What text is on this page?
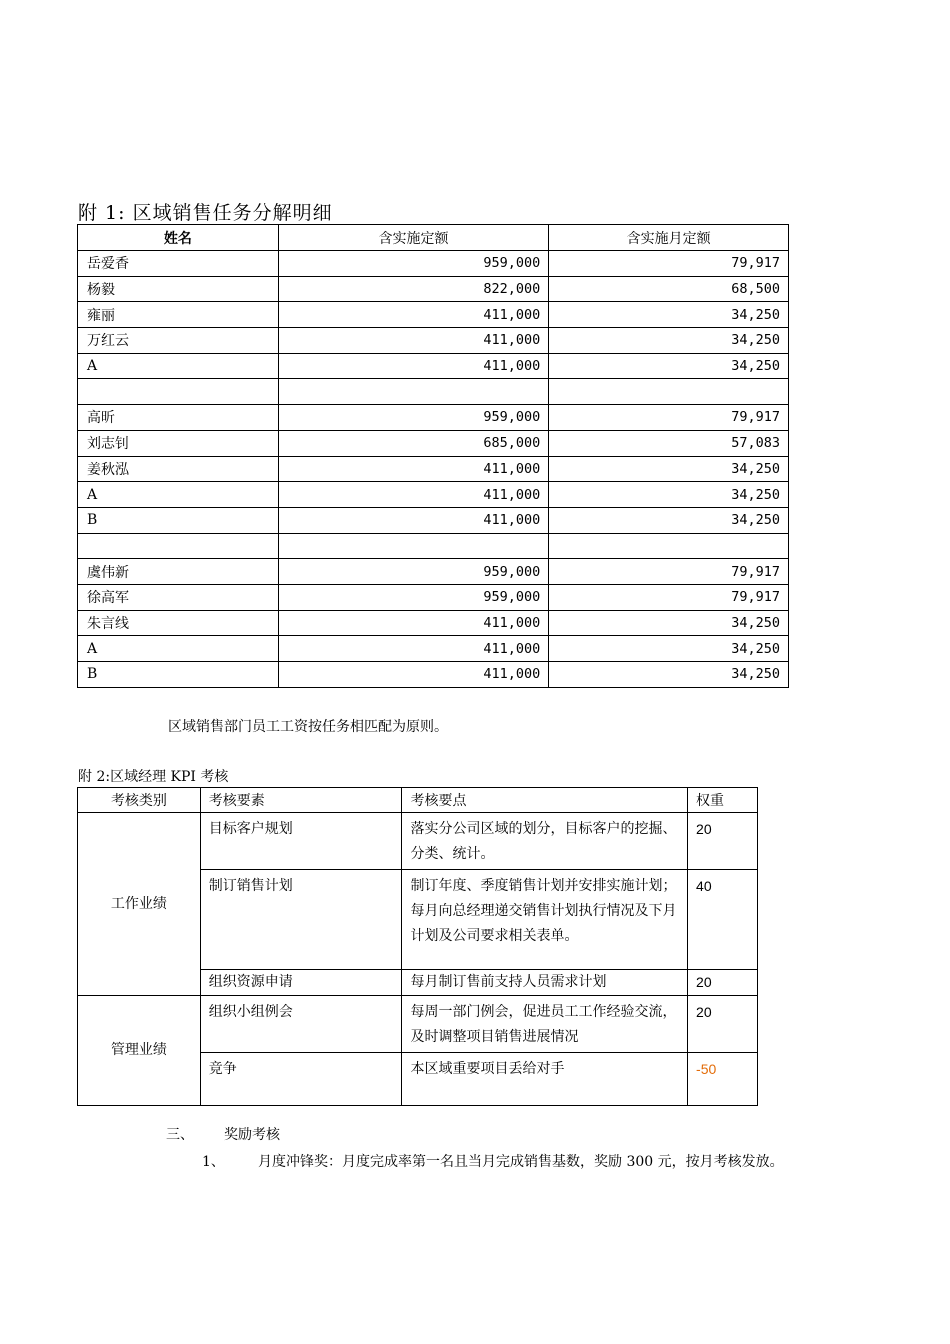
附 1: 区域销售任务分解明细
姓名	含实施定额	含实施月定额
岳爱香	959,000	79,917
杨毅	822,000	68,500
雍丽	411,000	34,250
万红云	411,000	34,250
A	411,000	34,250

高昕	959,000	79,917
刘志钊	685,000	57,083
姜秋泓	411,000	34,250
A	411,000	34,250
B	411,000	34,250

虞伟新	959,000	79,917
徐高军	959,000	79,917
朱言线	411,000	34,250
A	411,000	34,250
B	411,000	34,250
区域销售部门员工工资按任务相匹配为原则。
附 2:区域经理 KPI 考核
考核类别	考核要素	考核要点	权重
工作业绩	目标客户规划	落实分公司区域的划分，目标客户的挖掘、分类、统计。	20
	制订销售计划	制订年度、季度销售计划并安排实施计划；每月向总经理递交销售计划执行情况及下月计划及公司要求相关表单。	40
	组织资源申请	每月制订售前支持人员需求计划	20
管理业绩	组织小组例会	每周一部门例会，促进员工工作经验交流，及时调整项目销售进展情况	20
	竞争	本区域重要项目丢给对手	-50
三、 奖励考核
1、 月度冲锋奖：月度完成率第一名且当月完成销售基数，奖励 300 元，按月考核发放。
